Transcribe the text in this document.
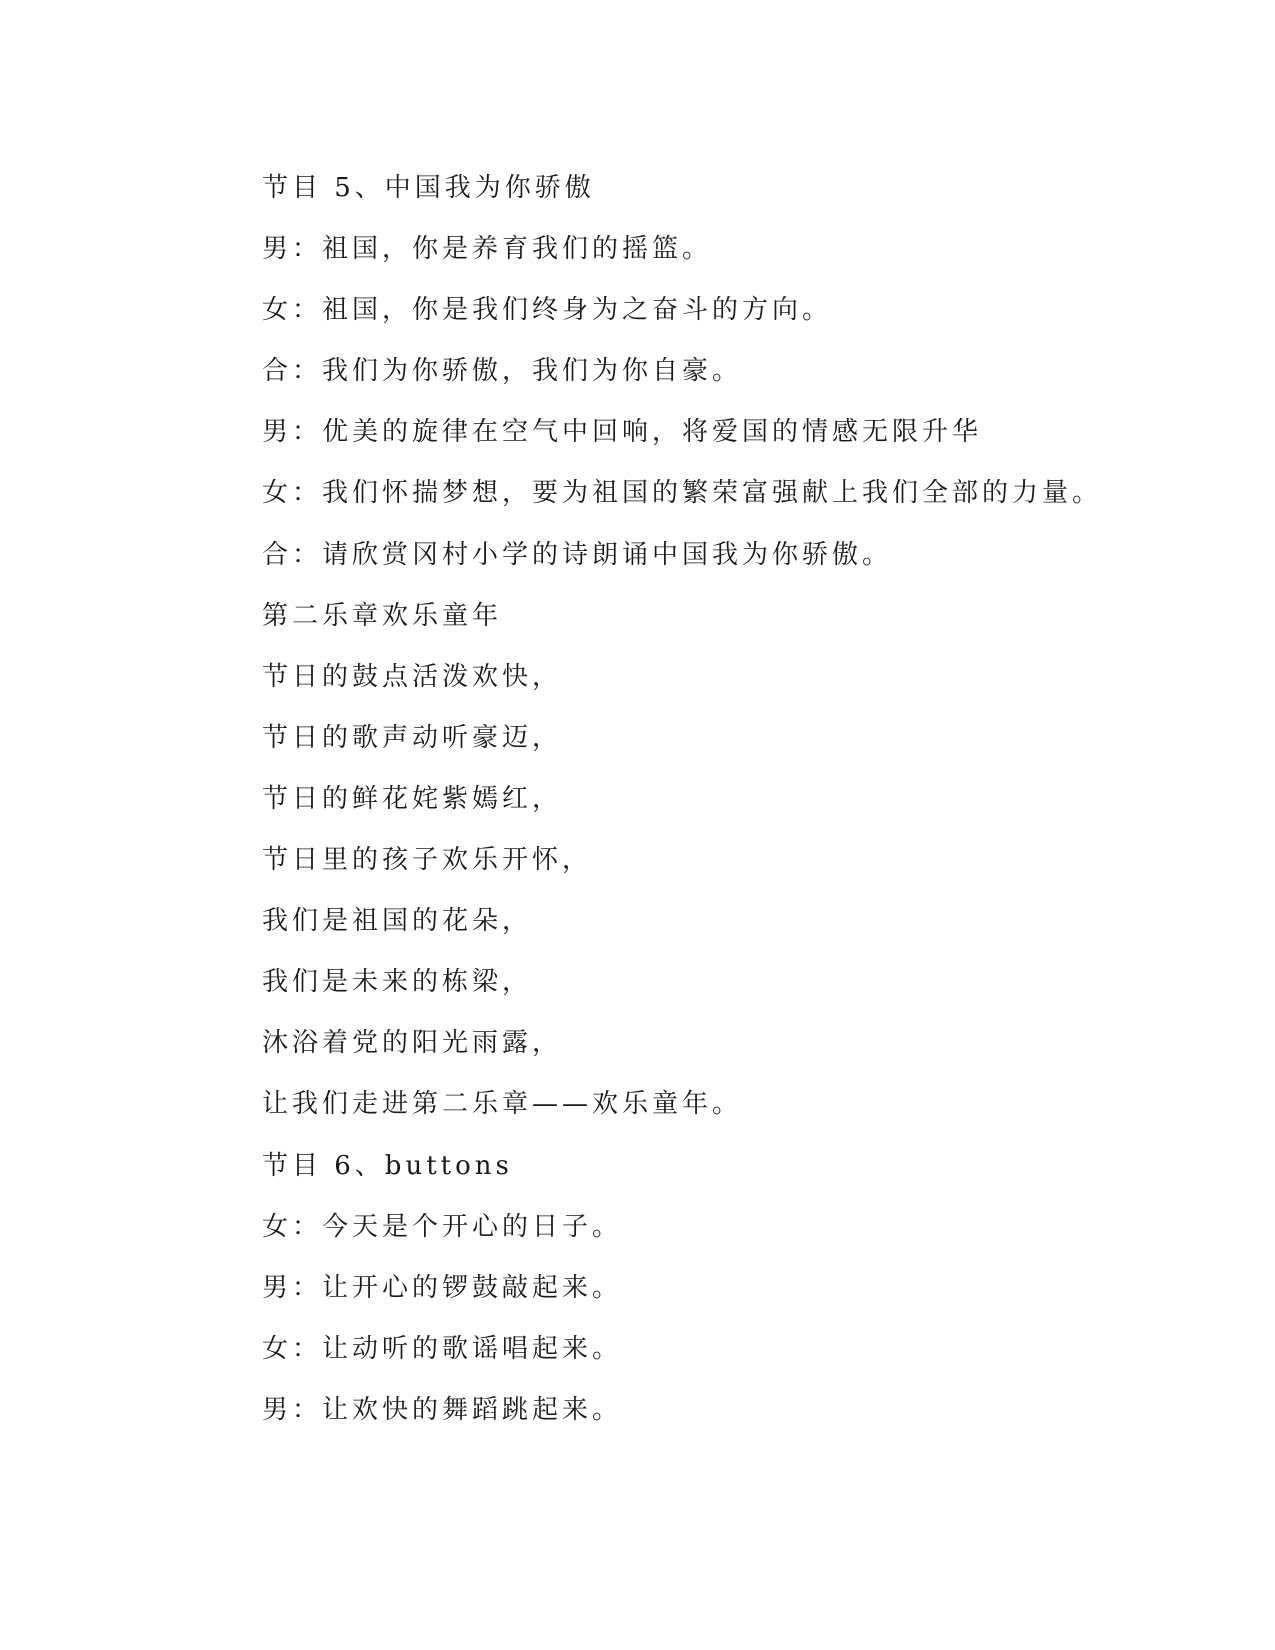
节目 5、中国我为你骄傲
男：祖国，你是养育我们的摇篮。
女：祖国，你是我们终身为之奋斗的方向。
合：我们为你骄傲，我们为你自豪。
男：优美的旋律在空气中回响，将爱国的情感无限升华
女：我们怀揣梦想，要为祖国的繁荣富强献上我们全部的力量。
合：请欣赏冈村小学的诗朗诵中国我为你骄傲。
第二乐章欢乐童年
节日的鼓点活泼欢快，
节日的歌声动听豪迈，
节日的鲜花姹紫嫣红，
节日里的孩子欢乐开怀，
我们是祖国的花朵，
我们是未来的栋梁，
沐浴着党的阳光雨露，
让我们走进第二乐章——欢乐童年。
节目 6、buttons
女：今天是个开心的日子。
男：让开心的锣鼓敲起来。
女：让动听的歌谣唱起来。
男：让欢快的舞蹈跳起来。
